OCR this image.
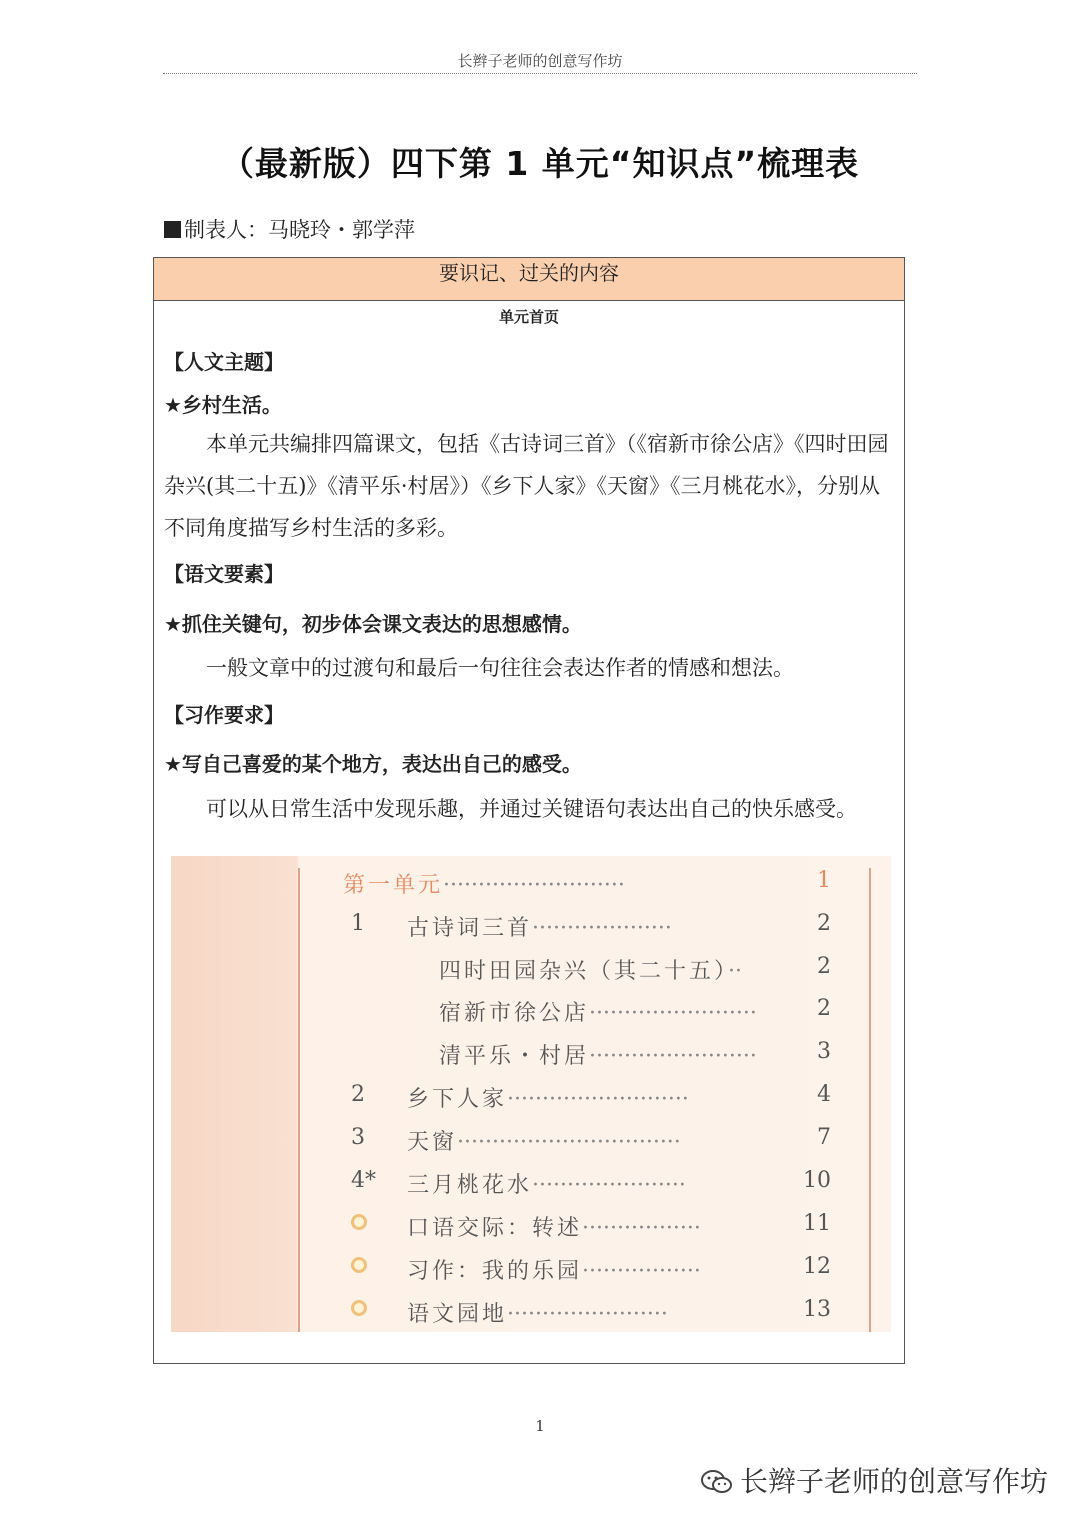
长辫子老师的创意写作坊
（最新版）四下第 1 单元“知识点”梳理表
制表人：马晓玲・郭学萍
要识记、过关的内容
单元首页
【人文主题】
★乡村生活。
本单元共编排四篇课文，包括《古诗词三首》（《宿新市徐公店》《四时田园杂兴(其二十五)》《清平乐·村居》）《乡下人家》《天窗》《三月桃花水》，分别从不同角度描写乡村生活的多彩。
【语文要素】
★抓住关键句，初步体会课文表达的思想感情。
一般文章中的过渡句和最后一句往往会表达作者的情感和想法。
【习作要求】
★写自己喜爱的某个地方，表达出自己的感受。
可以从日常生活中发现乐趣，并通过关键语句表达出自己的快乐感受。
第一单元··························	1
1 古诗词三首····················	2
四时田园杂兴（其二十五）··	2
宿新市徐公店························	2
清平乐・村居························	3
2 乡下人家··························	4
3 天窗································	7
4* 三月桃花水······················	10
口语交际：转述·················	11
习作：我的乐园·················	12
语文园地·······················	13
1
长辫子老师的创意写作坊
